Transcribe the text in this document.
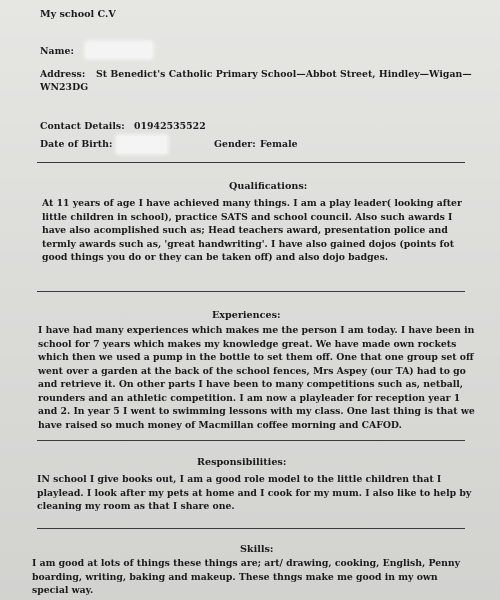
My school C.V
Name:
Address: St Benedict's Catholic Primary School—Abbot Street, Hindley—Wigan—
WN23DG
Contact Details: 01942535522
Date of Birth:	Gender: Female
Qualifications:
At 11 years of age I have achieved many things. I am a play leader( looking after
little children in school), practice SATS and school council. Also such awards I
have also acomplished such as; Head teachers award, presentation police and
termly awards such as, 'great handwriting'. I have also gained dojos (points fot
good things you do or they can be taken off) and also dojo badges.
Experiences:
I have had many experiences which makes me the person I am today. I have been in
school for 7 years which makes my knowledge great. We have made own rockets
which then we used a pump in the bottle to set them off. One that one group set off
went over a garden at the back of the school fences, Mrs Aspey (our TA) had to go
and retrieve it. On other parts I have been to many competitions such as, netball,
rounders and an athletic competition. I am now a playleader for reception year 1
and 2. In year 5 I went to swimming lessons with my class. One last thing is that we
have raised so much money of Macmillan coffee morning and CAFOD.
Responsibilities:
IN school I give books out, I am a good role model to the little children that I
playlead. I look after my pets at home and I cook for my mum. I also like to help by
cleaning my room as that I share one.
Skills:
I am good at lots of things these things are; art/ drawing, cooking, English, Penny
boarding, writing, baking and makeup. These thngs make me good in my own
special way.
